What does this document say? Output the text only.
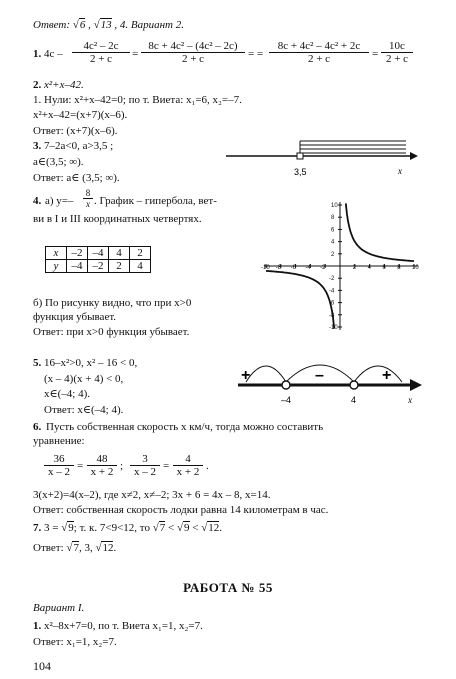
Ответ: √6 , √13 , 4. Вариант 2.
1. $4c - \frac{\text{4c² – 2c}}{2 + c} = \frac{\text{8c + 4c² – (4c² – 2c)}}{2 + c}$ = = $\frac{\text{8c + 4c² – 4c² + 2c}}{2 + c} = \frac{10c}{2 + c}$
2. x²+x–42.
1. Нули: x²+x–42=0; по т. Виета: x₁=6, x₂=–7.
x²+x–42=(x+7)(x–6).
Ответ: (x+7)(x–6).
3. 7–2a<0, a>3,5 ;
a∈(3,5; ∞).
Ответ: a∈ (3,5; ∞).	3,5	x
4. a) $y=- \frac{8}{x}$ . График – гипербола, вет-
ви в I и III координатных четвертях.
x	–2	–4	4	2
y	–4	–2	2	4
б) По рисунку видно, что при x>0
функция убывает.
Ответ: при x>0 функция убывает.
-10 -8 -6 -4 -2	2 4 6 8 10
10
8
6
4
2
-2
-4
-6
-8
-10
5. 16–x²>0, x² – 16 < 0,
(x – 4)(x + 4) < 0,
x∈(–4; 4).
Ответ: x∈(–4; 4).
+	–	+
–4	4	x
6. Пусть собственная скорость x км/ч, тогда можно составить
уравнение:
$\frac{36}{x - 2} = \frac{48}{x + 2}$ ; $\frac{3}{x - 2} = \frac{4}{x + 2}$ .
3(x+2)=4(x–2), где x≠2, x≠–2; 3x + 6 = 4x – 8, x=14.
Ответ: собственная скорость лодки равна 14 километрам в час.
7. 3 = √9; т. к. 7<9<12, то √7 < √9 < √12.
Ответ: √7, 3, √12.
РАБОТА № 55
Вариант I.
1. x²–8x+7=0, по т. Виета x₁=1, x₂=7.
Ответ: x₁=1, x₂=7.
104
